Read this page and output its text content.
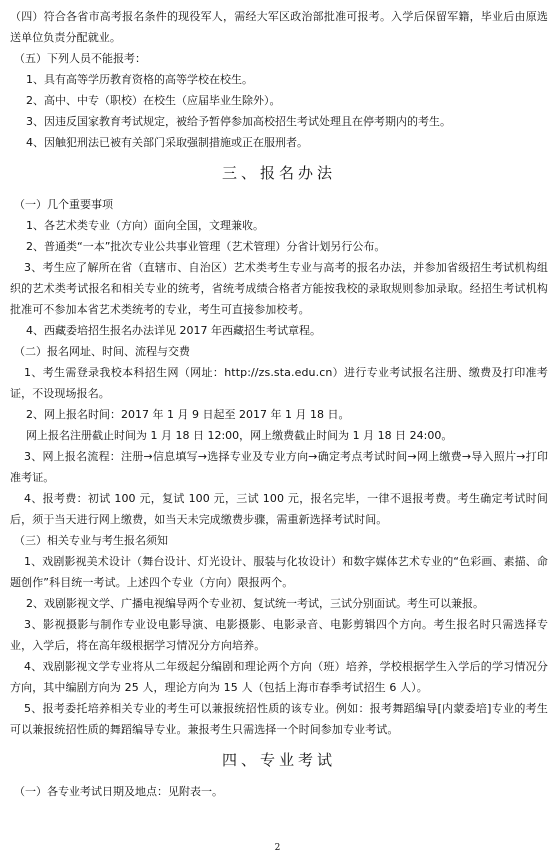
（四）符合各省市高考报名条件的现役军人，需经大军区政治部批准可报考。入学后保留军籍，毕业后由原选送单位负责分配就业。

（五）下列人员不能报考：

1、具有高等学历教育资格的高等学校在校生。

2、高中、中专（职校）在校生（应届毕业生除外）。

3、因违反国家教育考试规定，被给予暂停参加高校招生考试处理且在停考期内的考生。

4、因触犯刑法已被有关部门采取强制措施或正在服刑者。

三、报名办法

（一）几个重要事项

1、各艺术类专业（方向）面向全国，文理兼收。

2、普通类“一本”批次专业公共事业管理（艺术管理）分省计划另行公布。

3、考生应了解所在省（直辖市、自治区）艺术类考生专业与高考的报名办法，并参加省级招生考试机构组织的艺术类考试报名和相关专业的统考，省统考成绩合格者方能按我校的录取规则参加录取。经招生考试机构批准可不参加本省艺术类统考的专业，考生可直接参加校考。

4、西藏委培招生报名办法详见 2017 年西藏招生考试章程。

（二）报名网址、时间、流程与交费

1、考生需登录我校本科招生网（网址：http://zs.sta.edu.cn）进行专业考试报名注册、缴费及打印准考证，不设现场报名。

2、网上报名时间：2017 年 1 月 9 日起至 2017 年 1 月 18 日。

网上报名注册截止时间为 1 月 18 日 12:00，网上缴费截止时间为 1 月 18 日 24:00。

3、网上报名流程：注册→信息填写→选择专业及专业方向→确定考点考试时间→网上缴费→导入照片→打印准考证。

4、报考费：初试 100 元，复试 100 元，三试 100 元，报名完毕，一律不退报考费。考生确定考试时间后，须于当天进行网上缴费，如当天未完成缴费步骤，需重新选择考试时间。

（三）相关专业与考生报名须知

1、戏剧影视美术设计（舞台设计、灯光设计、服装与化妆设计）和数字媒体艺术专业的“色彩画、素描、命题创作”科目统一考试。上述四个专业（方向）限报两个。

2、戏剧影视文学、广播电视编导两个专业初、复试统一考试，三试分别面试。考生可以兼报。

3、影视摄影与制作专业设电影导演、电影摄影、电影录音、电影剪辑四个方向。考生报名时只需选择专业，入学后，将在高年级根据学习情况分方向培养。

4、戏剧影视文学专业将从二年级起分编剧和理论两个方向（班）培养，学校根据学生入学后的学习情况分方向，其中编剧方向为 25 人，理论方向为 15 人（包括上海市春季考试招生 6 人）。

5、报考委托培养相关专业的考生可以兼报统招性质的该专业。例如：报考舞蹈编导[内蒙委培]专业的考生可以兼报统招性质的舞蹈编导专业。兼报考生只需选择一个时间参加专业考试。

四、专业考试

（一）各专业考试日期及地点：见附表一。

2
